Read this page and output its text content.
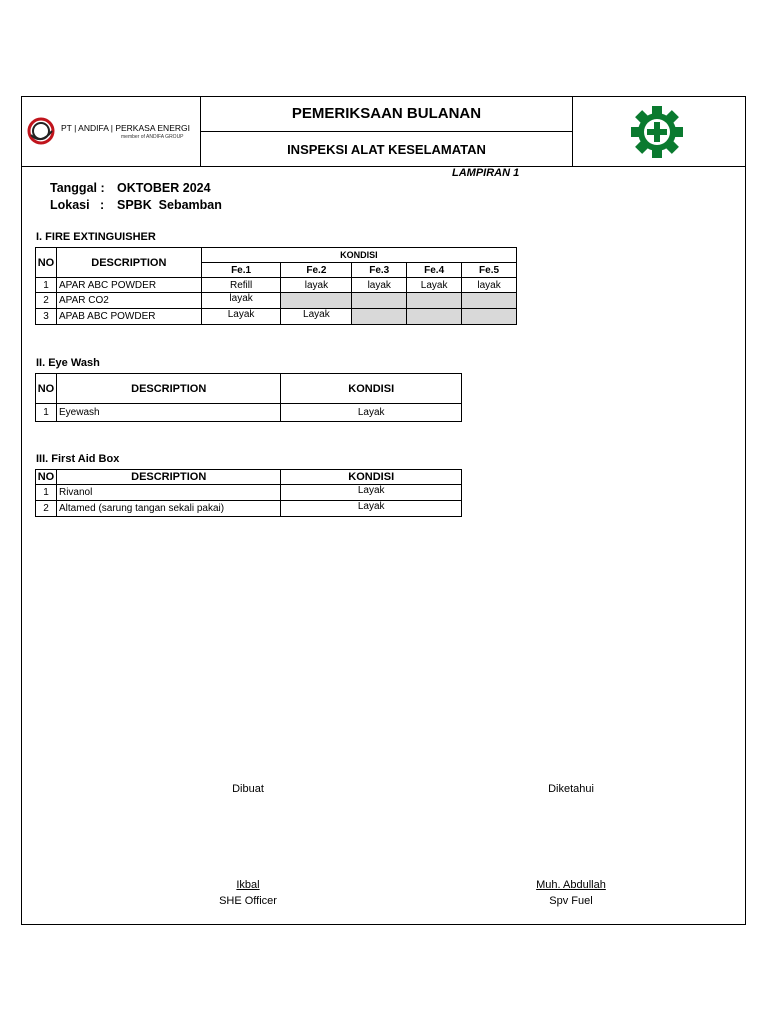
PT | ANDIFA | PERKASA ENERGI
member of ANDIFA GROUP
PEMERIKSAAN BULANAN
INSPEKSI ALAT KESELAMATAN
LAMPIRAN 1
Tanggal : OKTOBER 2024
Lokasi   : SPBK  Sebamban
I. FIRE EXTINGUISHER
NO	DESCRIPTION	KONDISI				
		Fe.1	Fe.2	Fe.3	Fe.4	Fe.5
1	APAR ABC POWDER	Refill	layak	layak	Layak	layak
2	APAR CO2	layak				
3	APAB ABC POWDER	Layak	Layak			
II. Eye Wash
NO	DESCRIPTION	KONDISI
1	Eyewash	Layak
III. First Aid Box
NO	DESCRIPTION	KONDISI
1	Rivanol	Layak
2	Altamed (sarung tangan sekali pakai)	Layak
Dibuat	Diketahui
Ikbal
SHE Officer
Muh. Abdullah
Spv Fuel
